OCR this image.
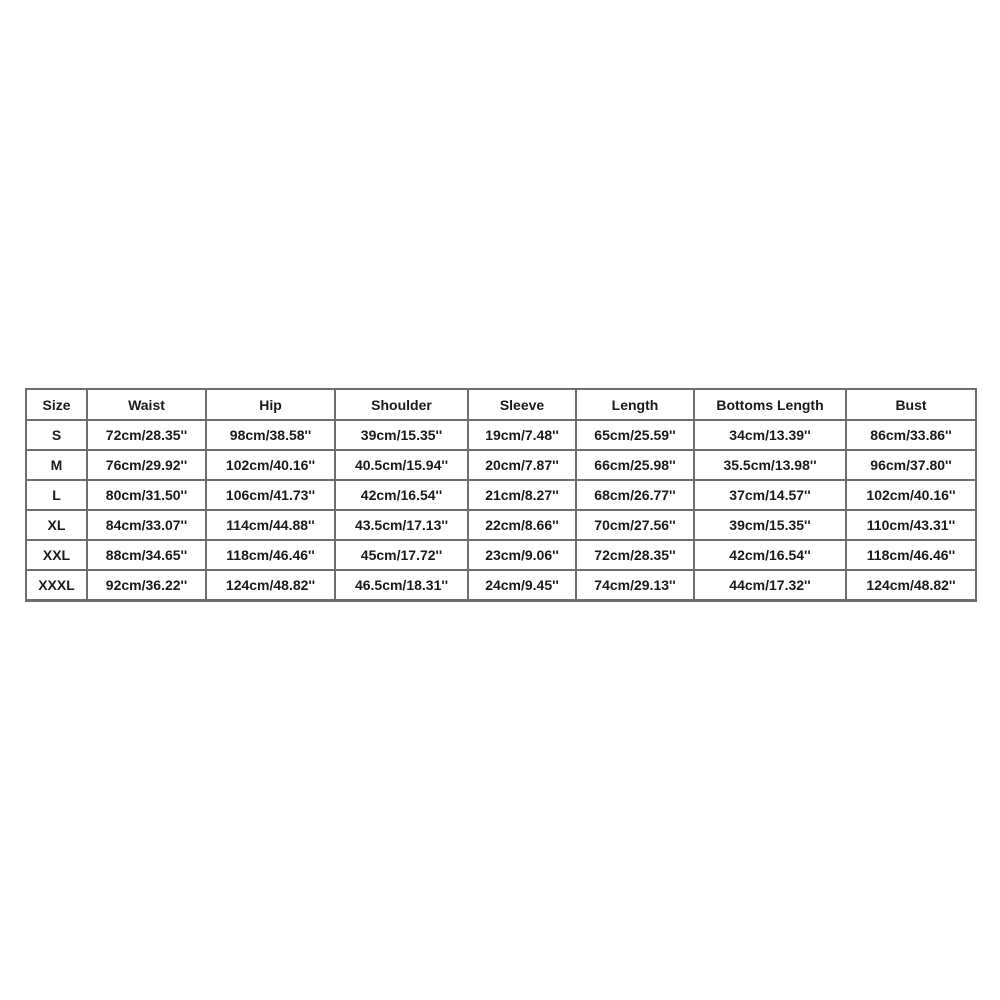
Size	Waist	Hip	Shoulder	Sleeve	Length	Bottoms Length	Bust
S	72cm/28.35''	98cm/38.58''	39cm/15.35''	19cm/7.48''	65cm/25.59''	34cm/13.39''	86cm/33.86''
M	76cm/29.92''	102cm/40.16''	40.5cm/15.94''	20cm/7.87''	66cm/25.98''	35.5cm/13.98''	96cm/37.80''
L	80cm/31.50''	106cm/41.73''	42cm/16.54''	21cm/8.27''	68cm/26.77''	37cm/14.57''	102cm/40.16''
XL	84cm/33.07''	114cm/44.88''	43.5cm/17.13''	22cm/8.66''	70cm/27.56''	39cm/15.35''	110cm/43.31''
XXL	88cm/34.65''	118cm/46.46''	45cm/17.72''	23cm/9.06''	72cm/28.35''	42cm/16.54''	118cm/46.46''
XXXL	92cm/36.22''	124cm/48.82''	46.5cm/18.31''	24cm/9.45''	74cm/29.13''	44cm/17.32''	124cm/48.82''
